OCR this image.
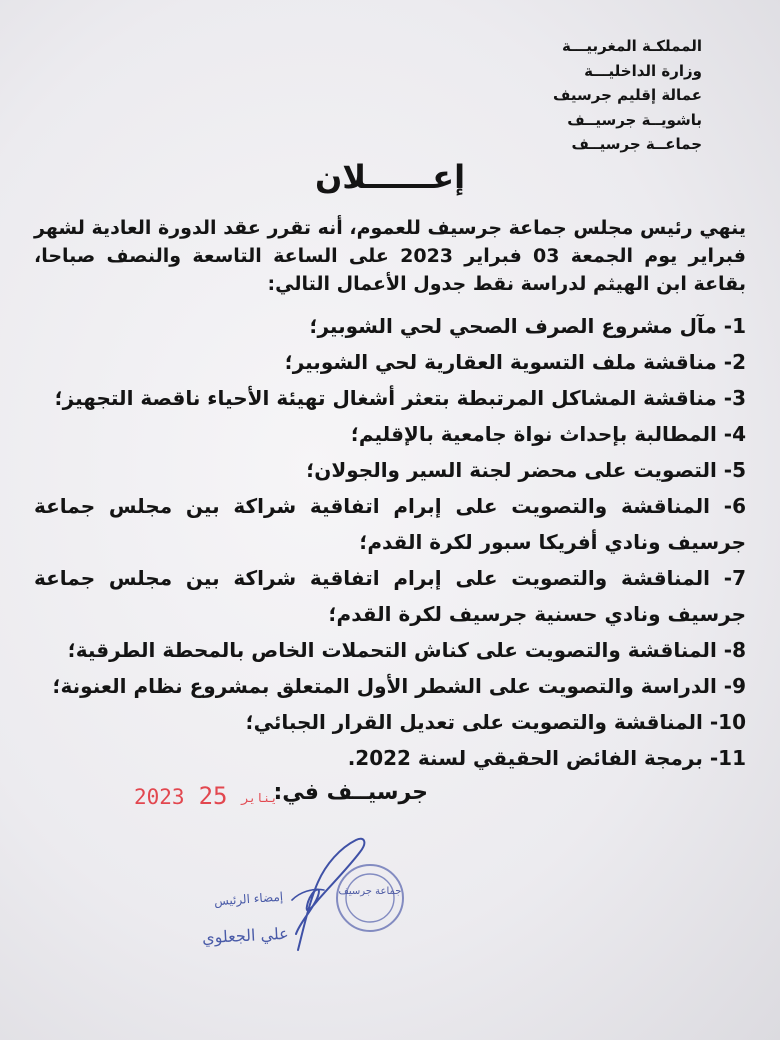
المملكـة المغربيـــة
وزارة الداخليـــة
عمالة إقليم جرسيف
باشويــة جرسيــف
جماعــة جرسيــف
إعــــــلان
ينهي رئيس مجلس جماعة جرسيف للعموم، أنه تقرر عقد الدورة العادية لشهر فبراير يوم الجمعة 03 فبراير 2023 على الساعة التاسعة والنصف صباحا، بقاعة ابن الهيثم لدراسة نقط جدول الأعمال التالي:
1- مآل مشروع الصرف الصحي لحي الشوبير؛
2- مناقشة ملف التسوية العقارية لحي الشوبير؛
3- مناقشة المشاكل المرتبطة بتعثر أشغال تهيئة الأحياء ناقصة التجهيز؛
4- المطالبة بإحداث نواة جامعية بالإقليم؛
5- التصويت على محضر لجنة السير والجولان؛
6- المناقشة والتصويت على إبرام اتفاقية شراكة بين مجلس جماعة جرسيف ونادي أفريكا سبور لكرة القدم؛
7- المناقشة والتصويت على إبرام اتفاقية شراكة بين مجلس جماعة جرسيف ونادي حسنية جرسيف لكرة القدم؛
8- المناقشة والتصويت على كناش التحملات الخاص بالمحطة الطرقية؛
9- الدراسة والتصويت على الشطر الأول المتعلق بمشروع نظام العنونة؛
10- المناقشة والتصويت على تعديل القرار الجبائي؛
11- برمجة الفائض الحقيقي لسنة 2022.
جرسيــف في:
2023	يناير25
إمضاء الرئيس
علي الجعلوي
جماعة جرسيف
